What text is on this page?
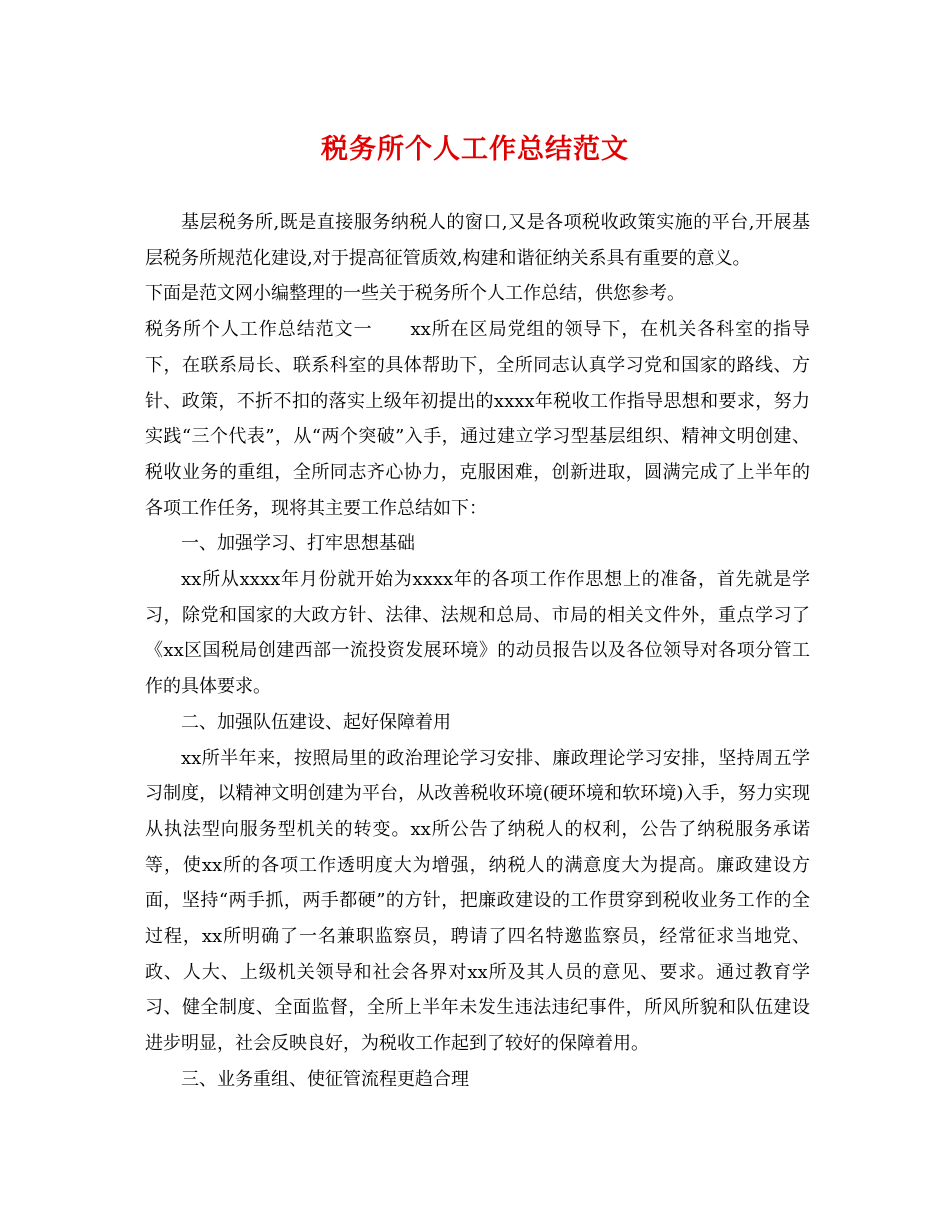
税务所个人工作总结范文

基层税务所,既是直接服务纳税人的窗口,又是各项税收政策实施的平台,开展基层税务所规范化建设,对于提高征管质效,构建和谐征纳关系具有重要的意义。

下面是范文网小编整理的一些关于税务所个人工作总结，供您参考。

税务所个人工作总结范文一　　xx所在区局党组的领导下，在机关各科室的指导下，在联系局长、联系科室的具体帮助下，全所同志认真学习党和国家的路线、方针、政策，不折不扣的落实上级年初提出的xxxx年税收工作指导思想和要求，努力实践“三个代表”，从“两个突破”入手，通过建立学习型基层组织、精神文明创建、税收业务的重组，全所同志齐心协力，克服困难，创新进取，圆满完成了上半年的各项工作任务，现将其主要工作总结如下：

一、加强学习、打牢思想基础

xx所从xxxx年月份就开始为xxxx年的各项工作作思想上的准备，首先就是学习，除党和国家的大政方针、法律、法规和总局、市局的相关文件外，重点学习了《xx区国税局创建西部一流投资发展环境》的动员报告以及各位领导对各项分管工作的具体要求。

二、加强队伍建设、起好保障着用

xx所半年来，按照局里的政治理论学习安排、廉政理论学习安排，坚持周五学习制度，以精神文明创建为平台，从改善税收环境(硬环境和软环境)入手，努力实现从执法型向服务型机关的转变。xx所公告了纳税人的权利，公告了纳税服务承诺等，使xx所的各项工作透明度大为增强，纳税人的满意度大为提高。廉政建设方面，坚持“两手抓，两手都硬”的方针，把廉政建设的工作贯穿到税收业务工作的全过程，xx所明确了一名兼职监察员，聘请了四名特邀监察员，经常征求当地党、政、人大、上级机关领导和社会各界对xx所及其人员的意见、要求。通过教育学习、健全制度、全面监督，全所上半年未发生违法违纪事件，所风所貌和队伍建设进步明显，社会反映良好，为税收工作起到了较好的保障着用。

三、业务重组、使征管流程更趋合理
